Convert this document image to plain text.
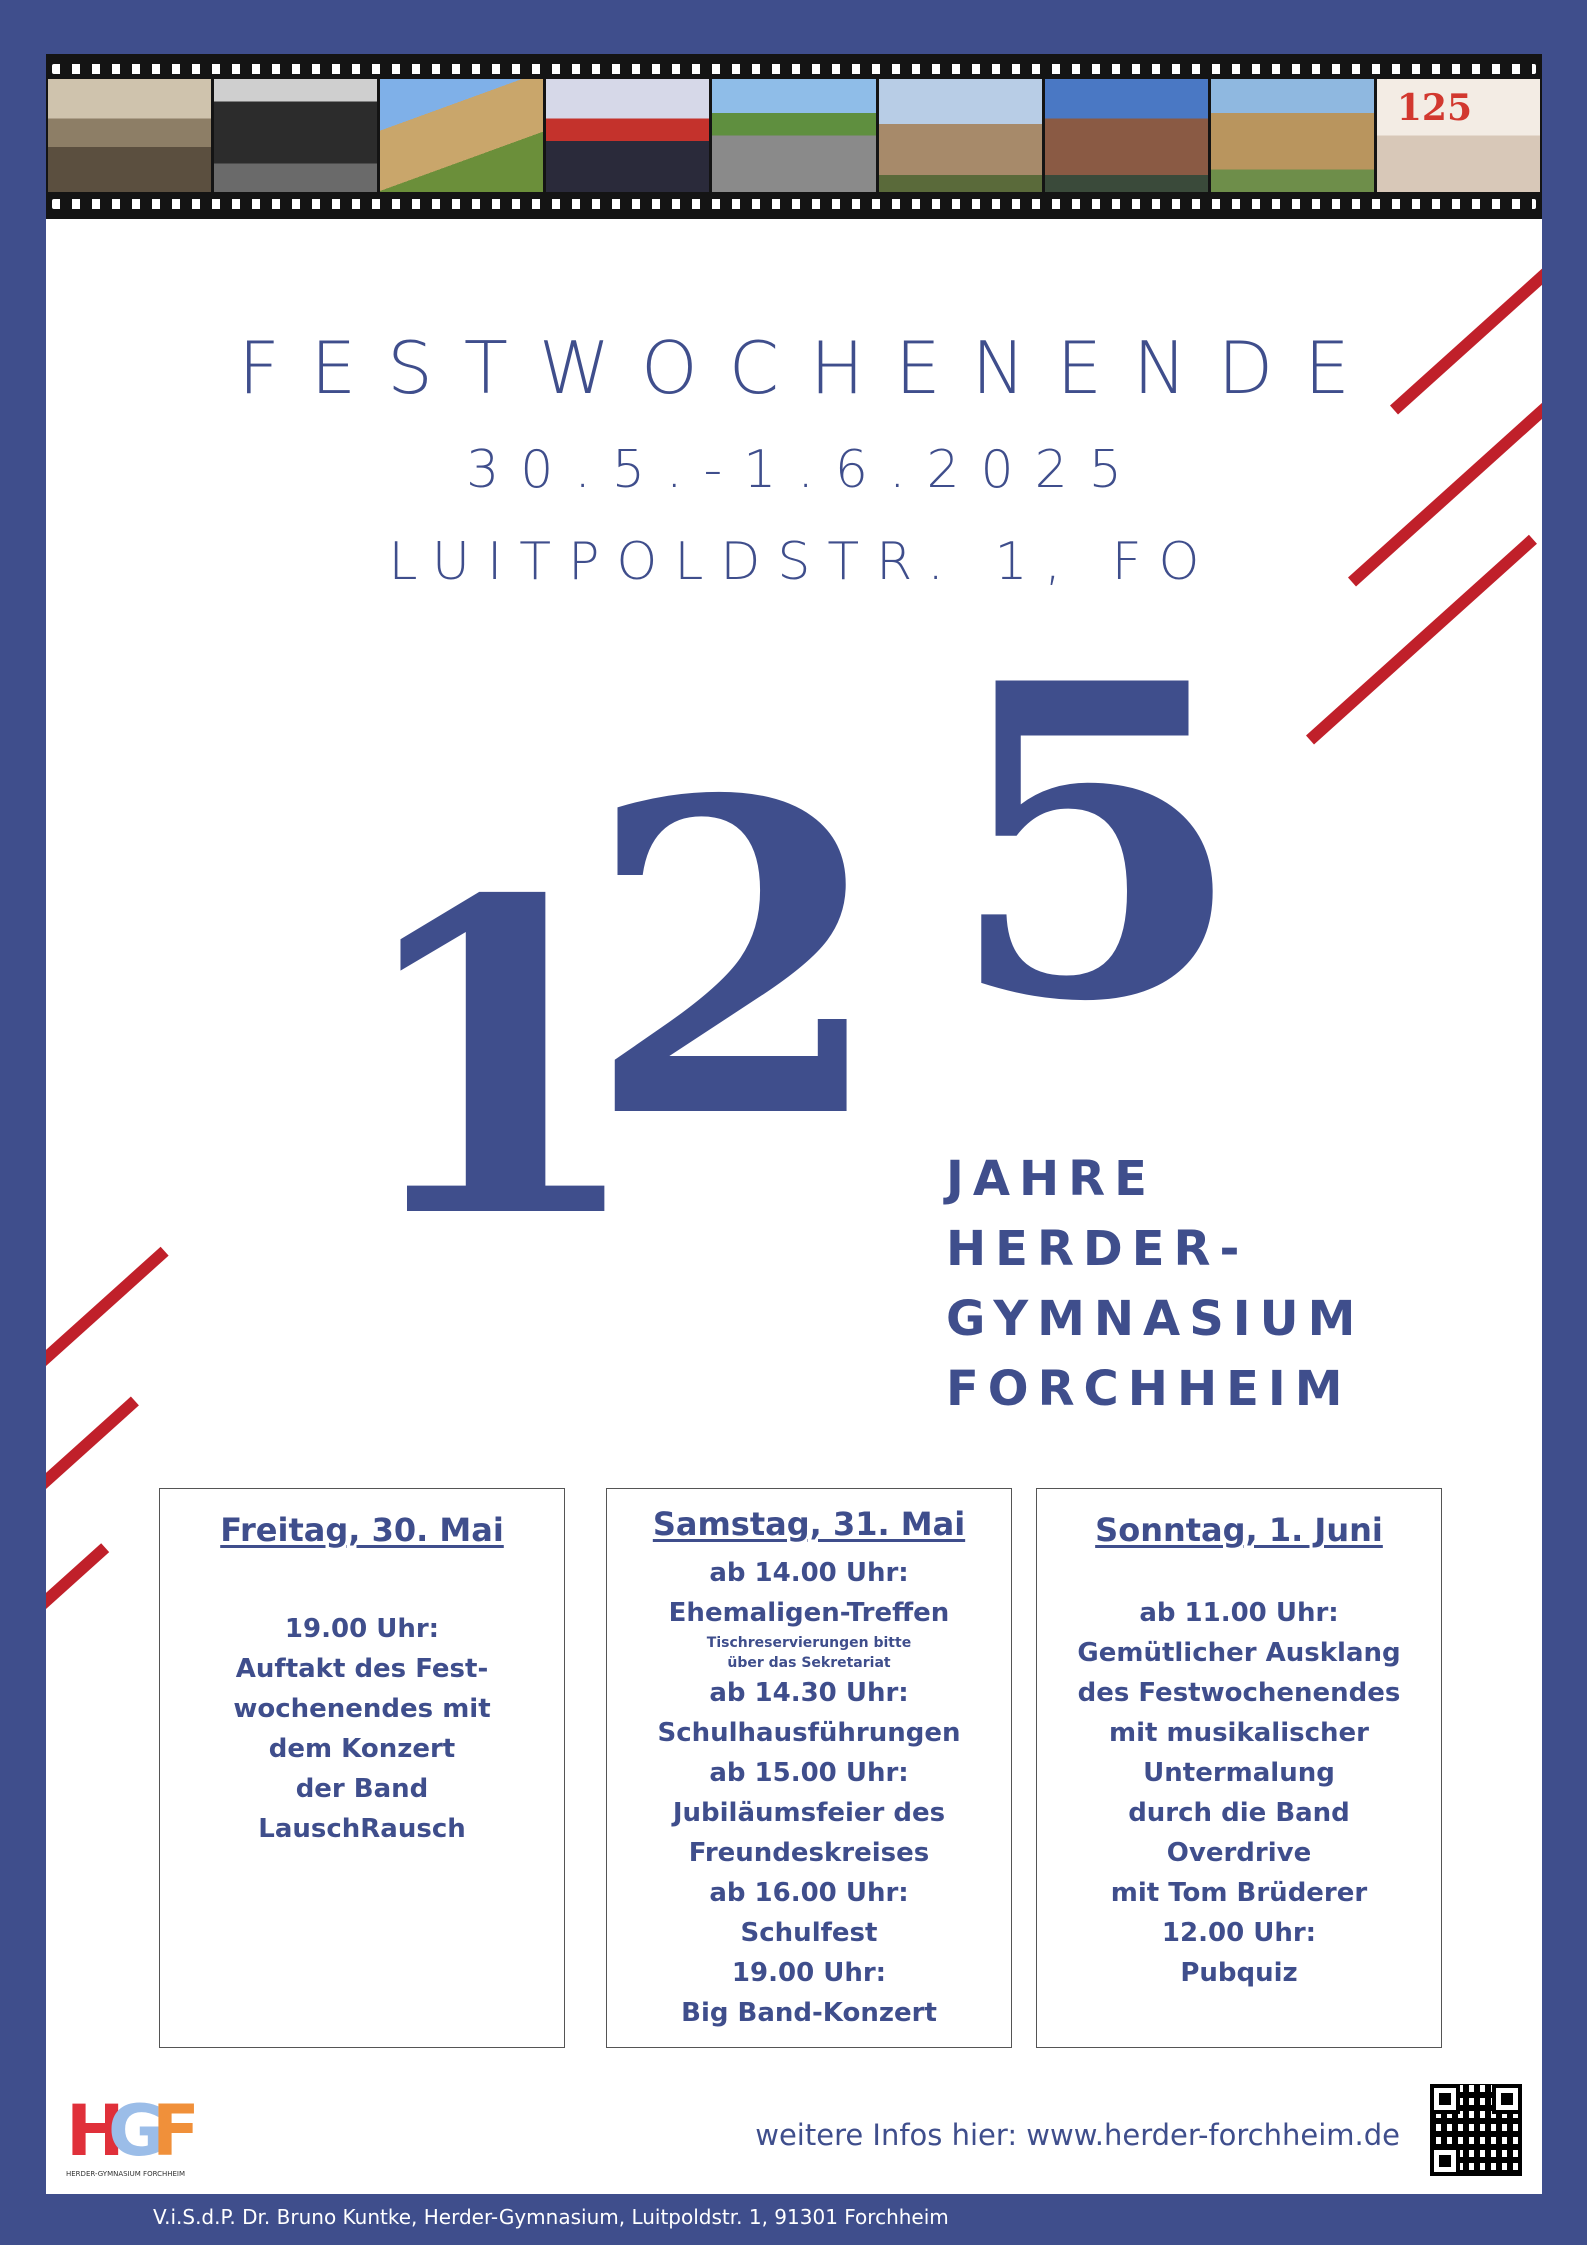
125
FESTWOCHENENDE
30.5.-1.6.2025
LUITPOLDSTR. 1, FO
1
2 5
JAHRE
HERDER-
GYMNASIUM
FORCHHEIM
Freitag, 30. Mai

19.00 Uhr:

Auftakt des Fest-

wochenendes mit

dem Konzert

der Band

LauschRausch

Samstag, 31. Mai

ab 14.00 Uhr:

Ehemaligen-Treffen

Tischreservierungen bitte

über das Sekretariat

ab 14.30 Uhr:

Schulhausführungen

ab 15.00 Uhr:

Jubiläumsfeier des

Freundeskreises

ab 16.00 Uhr:

Schulfest

19.00 Uhr:

Big Band-Konzert

Sonntag, 1. Juni

ab 11.00 Uhr:

Gemütlicher Ausklang

des Festwochenendes

mit musikalischer

Untermalung

durch die Band

Overdrive

mit Tom Brüderer

12.00 Uhr:

Pubquiz

H
G
F
HERDER-GYMNASIUM FORCHHEIM
weitere Infos hier: www.herder-forchheim.de
V.i.S.d.P. Dr. Bruno Kuntke, Herder-Gymnasium, Luitpoldstr. 1, 91301 Forchheim
